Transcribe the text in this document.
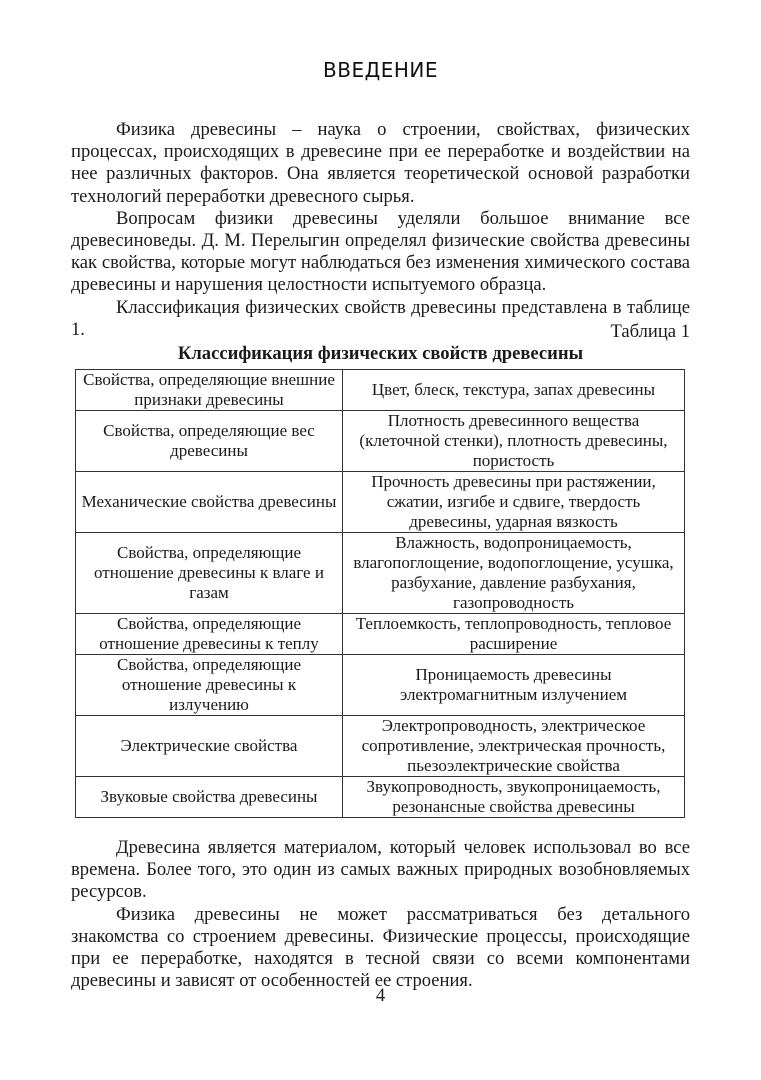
ВВЕДЕНИЕ

Физика древесины – наука о строении, свойствах, физических процессах, происходящих в древесине при ее переработке и воздействии на нее различных факторов. Она является теоретической основой разработки технологий переработки древесного сырья.

Вопросам физики древесины уделяли большое внимание все древесиноведы. Д. М. Перелыгин определял физические свойства древесины как свойства, которые могут наблюдаться без изменения химического состава древесины и нарушения целостности испытуемого образца.

Классификация физических свойств древесины представлена в таблице 1.	Таблица 1
Классификация физических свойств древесины
Свойства, определяющие внешние признаки древесины	Цвет, блеск, текстура, запах древесины
Свойства, определяющие вес древесины	Плотность древесинного вещества (клеточной стенки), плотность древесины, пористость
Механические свойства древесины	Прочность древесины при растяжении, сжатии, изгибе и сдвиге, твердость древесины, ударная вязкость
Свойства, определяющие отношение древесины к влаге и газам	Влажность, водопроницаемость, влагопоглощение, водопоглощение, усушка, разбухание, давление разбухания, газопроводность
Свойства, определяющие отношение древесины к теплу	Теплоемкость, теплопроводность, тепловое расширение
Свойства, определяющие отношение древесины к излучению	Проницаемость древесины электромагнитным излучением
Электрические свойства	Электропроводность, электрическое сопротивление, электрическая прочность, пьезоэлектрические свойства
Звуковые свойства древесины	Звукопроводность, звукопроницаемость, резонансные свойства древесины

Древесина является материалом, который человек использовал во все времена. Более того, это один из самых важных природных возобновляемых ресурсов.

Физика древесины не может рассматриваться без детального знакомства со строением древесины. Физические процессы, происходящие при ее переработке, находятся в тесной связи со всеми компонентами древесины и зависят от особенностей ее строения.

4
